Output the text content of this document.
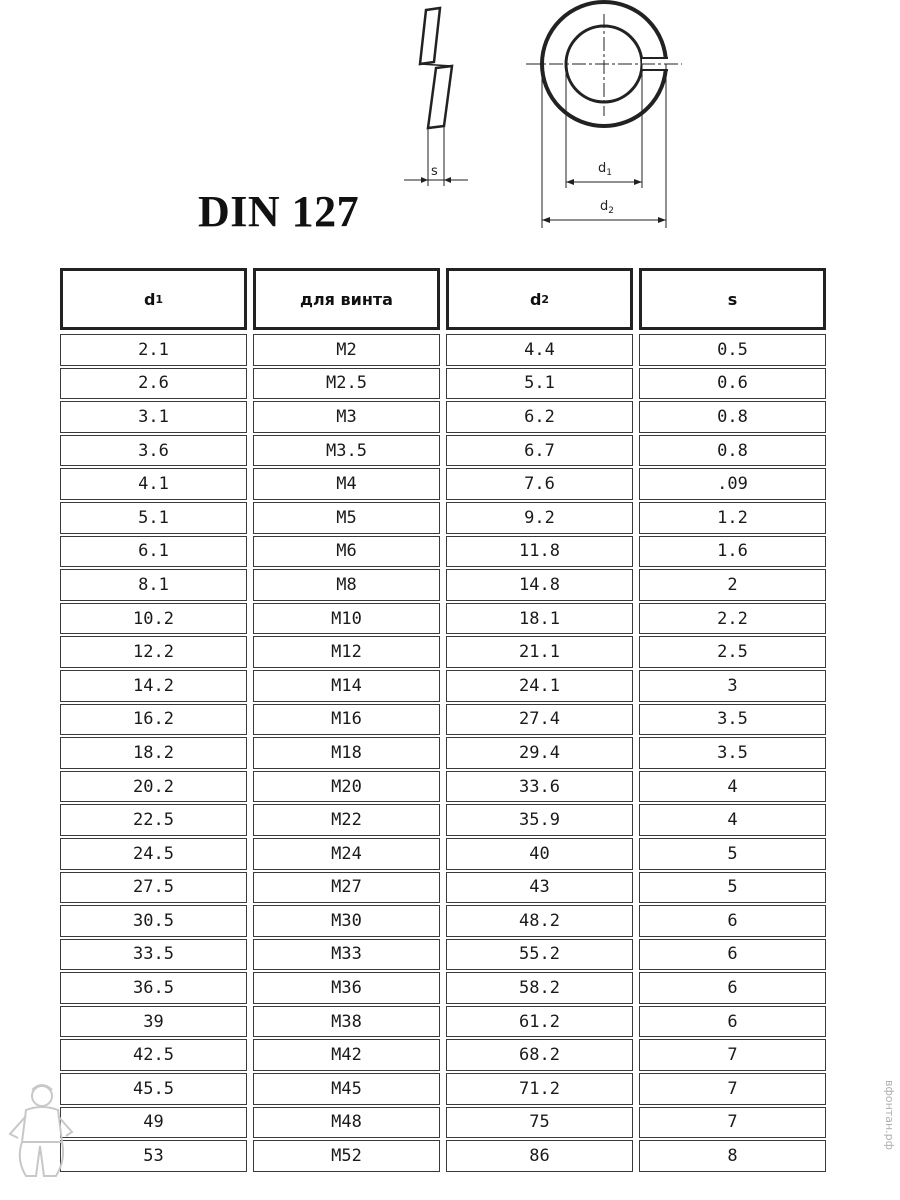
DIN 127
s	$d_1$
$d_2$
d 1	для винта	d 2	s
2.1	M2	4.4	0.5
2.6	M2.5	5.1	0.6
3.1	M3	6.2	0.8
3.6	M3.5	6.7	0.8
4.1	M4	7.6	.09
5.1	M5	9.2	1.2
6.1	M6	11.8	1.6
8.1	M8	14.8	2
10.2	M10	18.1	2.2
12.2	M12	21.1	2.5
14.2	M14	24.1	3
16.2	M16	27.4	3.5
18.2	M18	29.4	3.5
20.2	M20	33.6	4
22.5	M22	35.9	4
24.5	M24	40	5
27.5	M27	43	5
30.5	M30	48.2	6
33.5	M33	55.2	6
36.5	M36	58.2	6
39	M38	61.2	6
42.5	M42	68.2	7
45.5	M45	71.2	7
49	M48	75	7
53	M52	86	8
вфонтан.рф
